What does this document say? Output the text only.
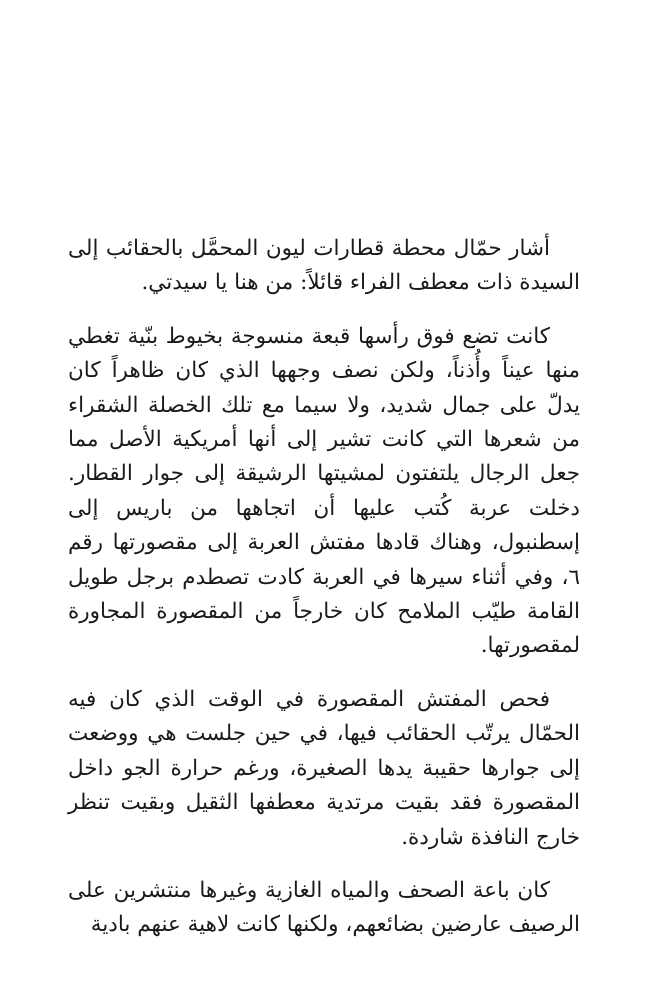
أشار حمّال محطة قطارات ليون المحمَّل بالحقائب إلى السيدة ذات معطف الفراء قائلاً: من هنا يا سيدتي.

كانت تضع فوق رأسها قبعة منسوجة بخيوط بنّية تغطي منها عيناً وأُذناً، ولكن نصف وجهها الذي كان ظاهراً كان يدلّ على جمال شديد، ولا سيما مع تلك الخصلة الشقراء من شعرها التي كانت تشير إلى أنها أمريكية الأصل مما جعل الرجال يلتفتون لمشيتها الرشيقة إلى جوار القطار. دخلت عربة كُتب عليها أن اتجاهها من باريس إلى إسطنبول، وهناك قادها مفتش العربة إلى مقصورتها رقم ٦، وفي أثناء سيرها في العربة كادت تصطدم برجل طويل القامة طيّب الملامح كان خارجاً من المقصورة المجاورة لمقصورتها.

فحص المفتش المقصورة في الوقت الذي كان فيه الحمّال يرتّب الحقائب فيها، في حين جلست هي ووضعت إلى جوارها حقيبة يدها الصغيرة، ورغم حرارة الجو داخل المقصورة فقد بقيت مرتدية معطفها الثقيل وبقيت تنظر خارج النافذة شاردة.

كان باعة الصحف والمياه الغازية وغيرها منتشرين على الرصيف عارضين بضائعهم، ولكنها كانت لاهية عنهم بادية
